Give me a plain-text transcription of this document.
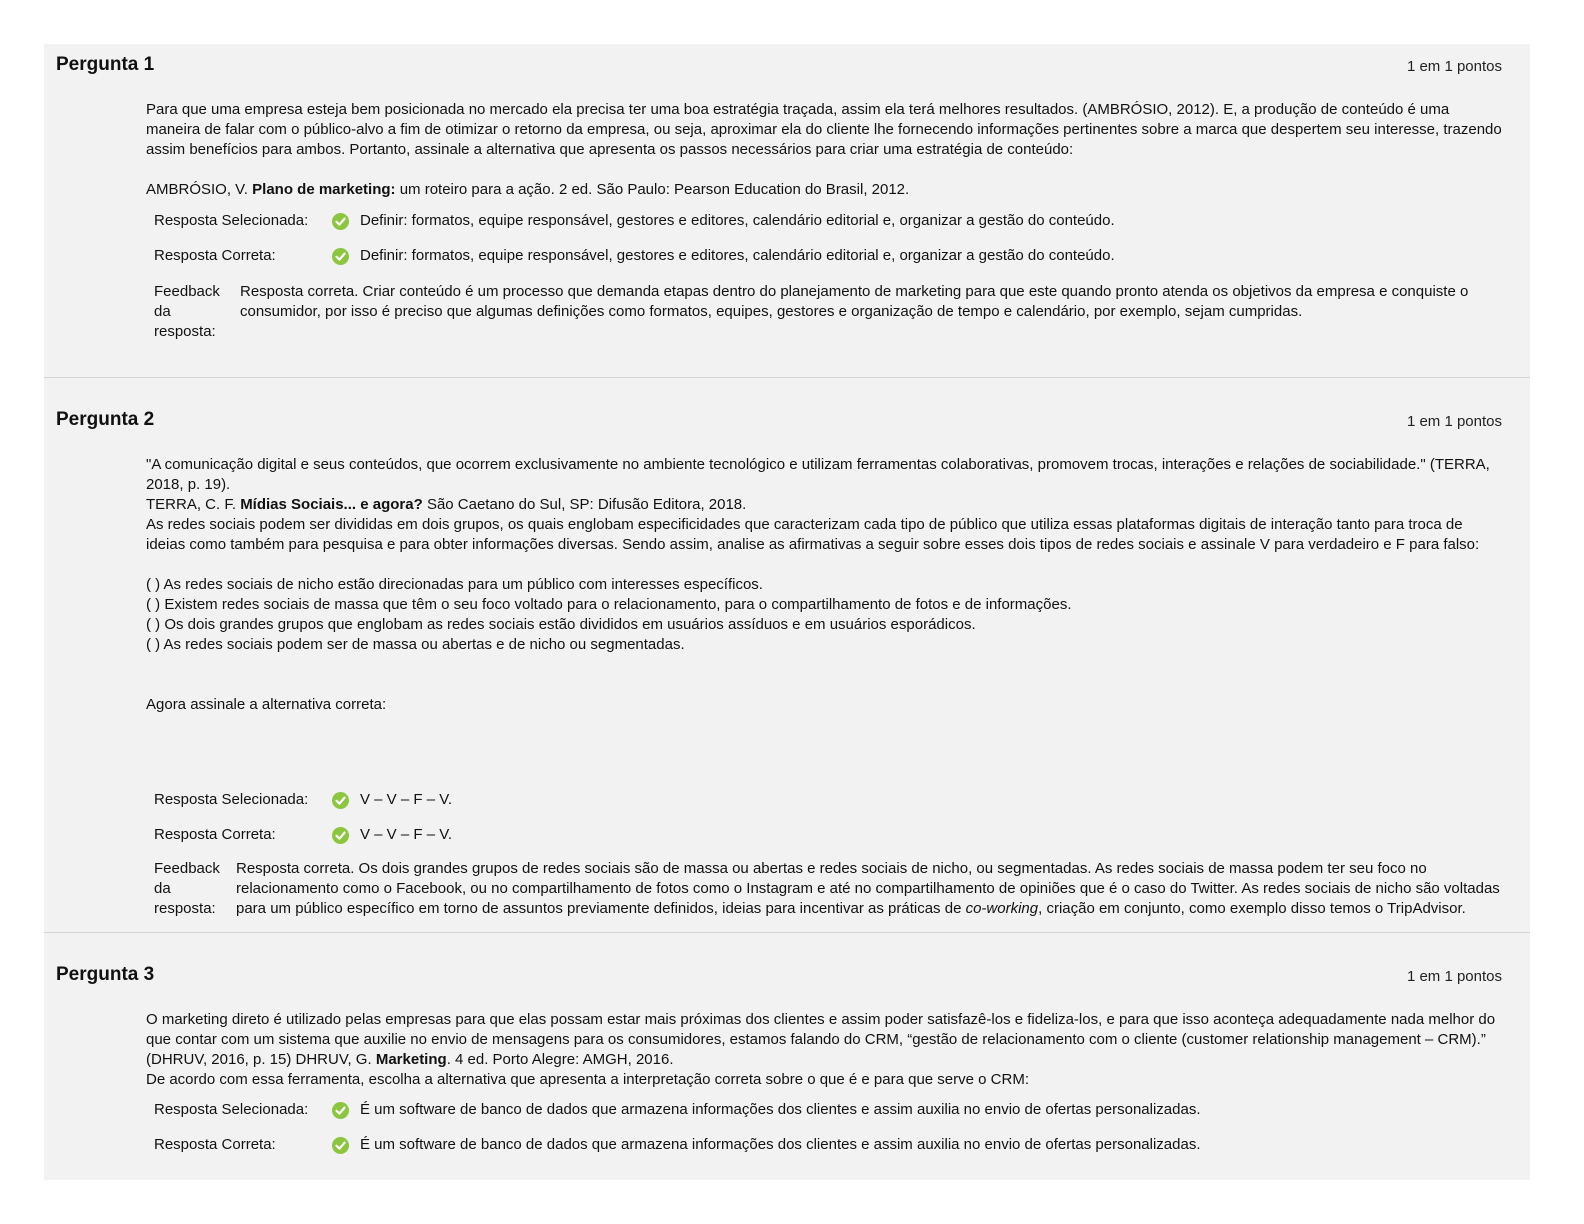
Pergunta 1	1 em 1 pontos

Para que uma empresa esteja bem posicionada no mercado ela precisa ter uma boa estratégia traçada, assim ela terá melhores resultados. (AMBRÓSIO, 2012). E, a produção de conteúdo é uma maneira de falar com o público-alvo a fim de otimizar o retorno da empresa, ou seja, aproximar ela do cliente lhe fornecendo informações pertinentes sobre a marca que despertem seu interesse, trazendo assim benefícios para ambos. Portanto, assinale a alternativa que apresenta os passos necessários para criar uma estratégia de conteúdo:

AMBRÓSIO, V. Plano de marketing: um roteiro para a ação. 2 ed. São Paulo: Pearson Education do Brasil, 2012.

Resposta Selecionada:	Definir: formatos, equipe responsável, gestores e editores, calendário editorial e, organizar a gestão do conteúdo.
Resposta Correta:	Definir: formatos, equipe responsável, gestores e editores, calendário editorial e, organizar a gestão do conteúdo.
Feedback da resposta:
Resposta correta. Criar conteúdo é um processo que demanda etapas dentro do planejamento de marketing para que este quando pronto atenda os objetivos da empresa e conquiste o consumidor, por isso é preciso que algumas definições como formatos, equipes, gestores e organização de tempo e calendário, por exemplo, sejam cumpridas.
Pergunta 2	1 em 1 pontos

"A comunicação digital e seus conteúdos, que ocorrem exclusivamente no ambiente tecnológico e utilizam ferramentas colaborativas, promovem trocas, interações e relações de sociabilidade." (TERRA, 2018, p. 19).

TERRA, C. F. Mídias Sociais... e agora? São Caetano do Sul, SP: Difusão Editora, 2018.

As redes sociais podem ser divididas em dois grupos, os quais englobam especificidades que caracterizam cada tipo de público que utiliza essas plataformas digitais de interação tanto para troca de ideias como também para pesquisa e para obter informações diversas. Sendo assim, analise as afirmativas a seguir sobre esses dois tipos de redes sociais e assinale V para verdadeiro e F para falso:

( ) As redes sociais de nicho estão direcionadas para um público com interesses específicos.

( ) Existem redes sociais de massa que têm o seu foco voltado para o relacionamento, para o compartilhamento de fotos e de informações.

( ) Os dois grandes grupos que englobam as redes sociais estão divididos em usuários assíduos e em usuários esporádicos.

( ) As redes sociais podem ser de massa ou abertas e de nicho ou segmentadas.

Agora assinale a alternativa correta:

Resposta Selecionada:	V – V – F – V.
Resposta Correta:	V – V – F – V.
Feedback da resposta:
Resposta correta. Os dois grandes grupos de redes sociais são de massa ou abertas e redes sociais de nicho, ou segmentadas. As redes sociais de massa podem ter seu foco no relacionamento como o Facebook, ou no compartilhamento de fotos como o Instagram e até no compartilhamento de opiniões que é o caso do Twitter. As redes sociais de nicho são voltadas para um público específico em torno de assuntos previamente definidos, ideias para incentivar as práticas de co-working, criação em conjunto, como exemplo disso temos o TripAdvisor.
Pergunta 3	1 em 1 pontos

O marketing direto é utilizado pelas empresas para que elas possam estar mais próximas dos clientes e assim poder satisfazê-los e fideliza-los, e para que isso aconteça adequadamente nada melhor do que contar com um sistema que auxilie no envio de mensagens para os consumidores, estamos falando do CRM, “gestão de relacionamento com o cliente (customer relationship management – CRM).” (DHRUV, 2016, p. 15) DHRUV, G. Marketing. 4 ed. Porto Alegre: AMGH, 2016.

De acordo com essa ferramenta, escolha a alternativa que apresenta a interpretação correta sobre o que é e para que serve o CRM:

Resposta Selecionada:	É um software de banco de dados que armazena informações dos clientes e assim auxilia no envio de ofertas personalizadas.
Resposta Correta:	É um software de banco de dados que armazena informações dos clientes e assim auxilia no envio de ofertas personalizadas.
